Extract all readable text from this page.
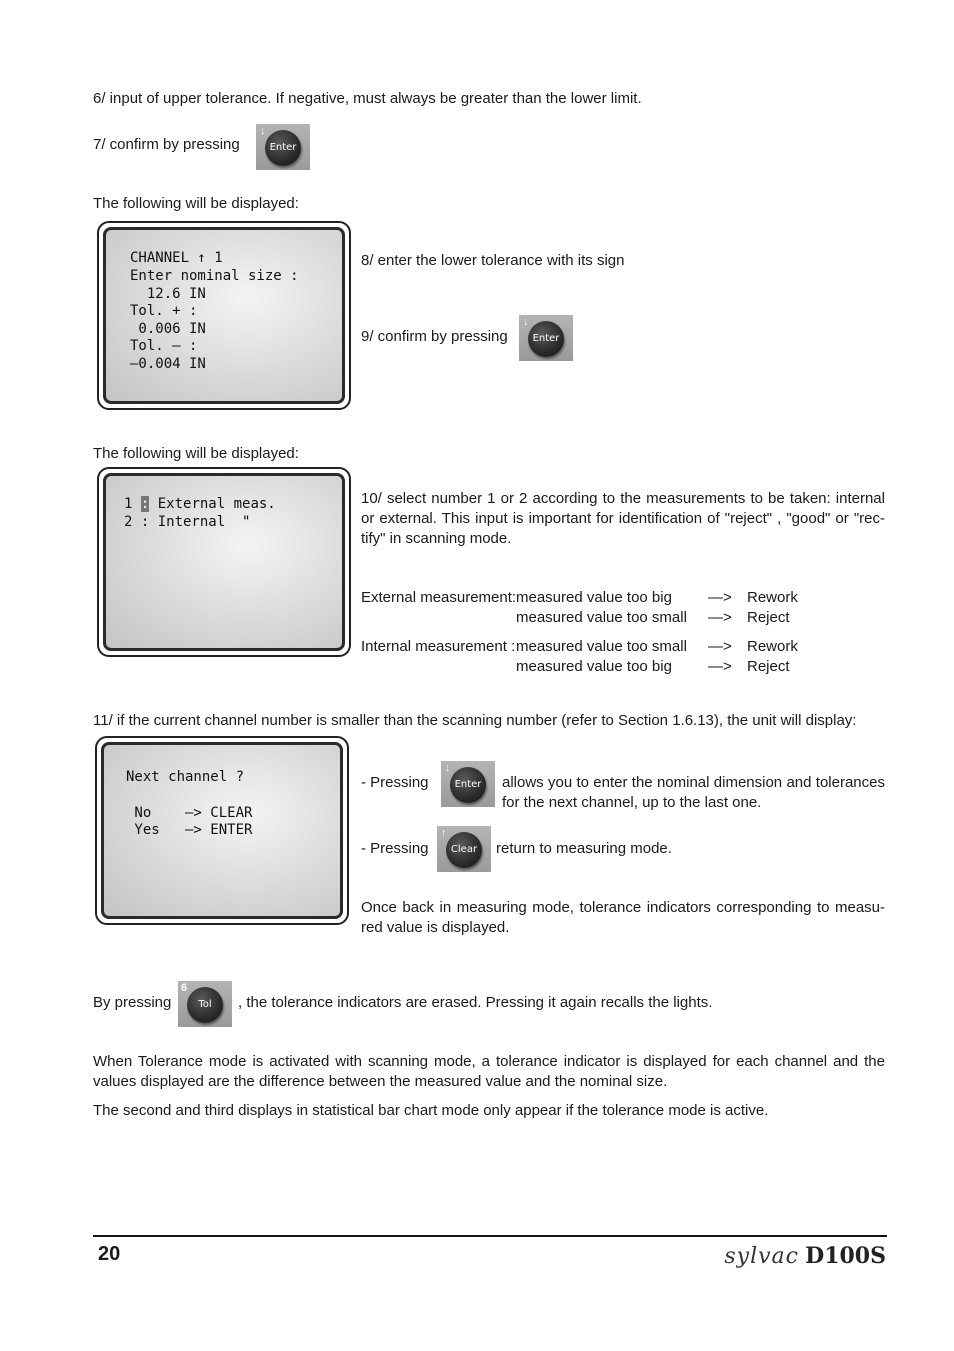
6/ input of upper tolerance. If negative, must always be greater than the lower limit.
7/ confirm by pressing
↓
Enter
The following will be displayed:
CHANNEL ↑ 1
Enter nominal size :
12.6 IN
Tol. + :
0.006 IN
Tol. – :
–0.004 IN
8/ enter the lower tolerance with its sign
9/ confirm by pressing
↓
Enter
The following will be displayed:
1 : External meas.
2 : Internal  "
10/ select number 1 or 2 according to the measurements to be taken: internal or external. This input is important for identification of "reject" , "good" or "rec-tify" in scanning mode.
External measurement: measured value too big —> Rework
measured value too small —> Reject
Internal measurement : measured value too small —> Rework
measured value too big —> Reject
11/ if the current channel number is smaller than the scanning number (refer to Section 1.6.13), the unit will display:
Next channel ?
No    —> CLEAR
Yes   —> ENTER
- Pressing
↓
Enter	allows you to enter the nominal dimension and tolerances for the next channel, up to the last one.
- Pressing
↑
Clear	return to measuring mode.
Once back in measuring mode, tolerance indicators corresponding to measu-red value is displayed.
By pressing
6
Tol	, the tolerance indicators are erased. Pressing it again recalls the lights.
When Tolerance mode is activated with scanning mode, a tolerance indicator is displayed for each channel and the values displayed are the difference between the measured value and the nominal size.
The second and third displays in statistical bar chart mode only appear if the tolerance mode is active.
20	sylvac D100S
